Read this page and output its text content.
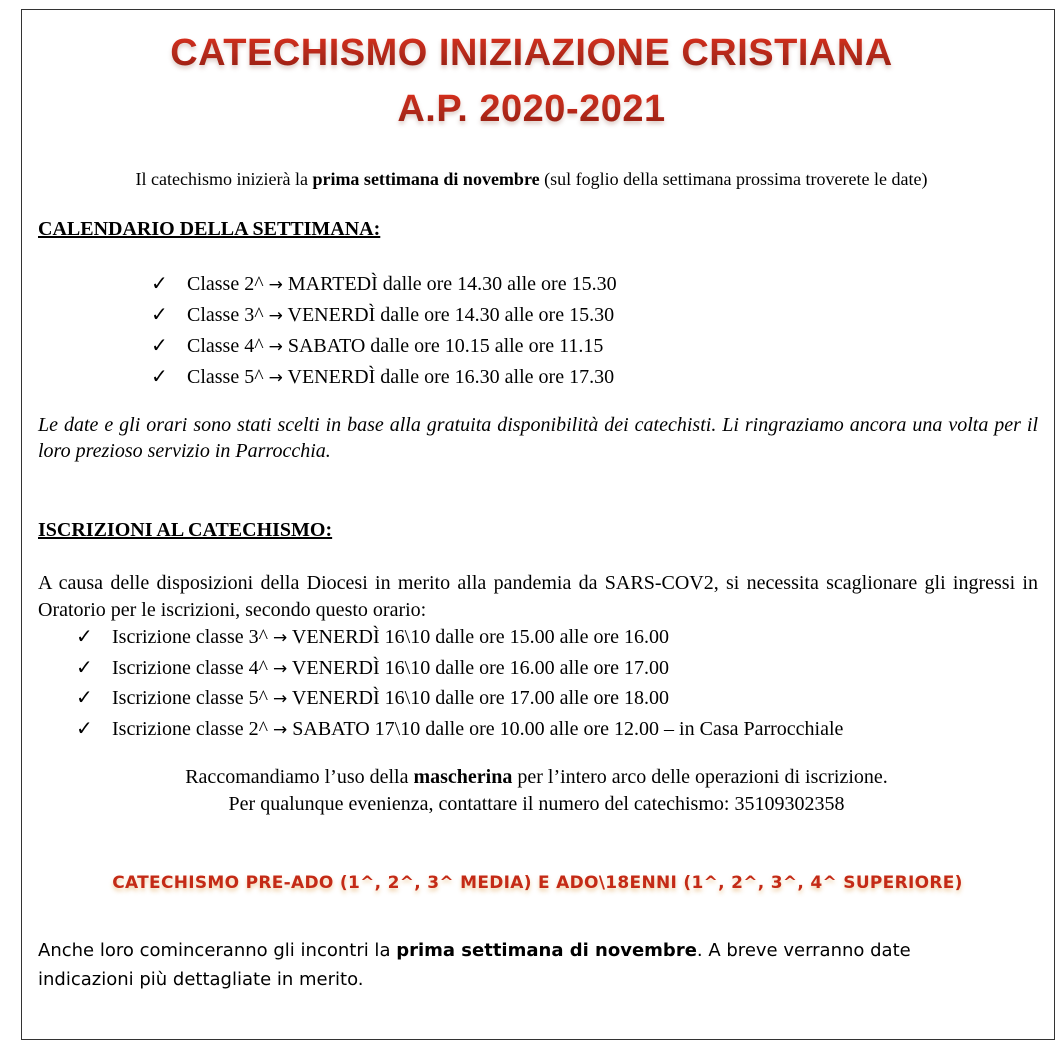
CATECHISMO INIZIAZIONE CRISTIANA
A.P. 2020-2021
Il catechismo inizierà la prima settimana di novembre (sul foglio della settimana prossima troverete le date)
CALENDARIO DELLA SETTIMANA:
✓ Classe 2^ → MARTEDÌ dalle ore 14.30 alle ore 15.30
✓ Classe 3^ → VENERDÌ dalle ore 14.30 alle ore 15.30
✓ Classe 4^ → SABATO dalle ore 10.15 alle ore 11.15
✓ Classe 5^ → VENERDÌ dalle ore 16.30 alle ore 17.30
Le date e gli orari sono stati scelti in base alla gratuita disponibilità dei catechisti. Li ringraziamo ancora una volta per il loro prezioso servizio in Parrocchia.
ISCRIZIONI AL CATECHISMO:
A causa delle disposizioni della Diocesi in merito alla pandemia da SARS-COV2, si necessita scaglionare gli ingressi in Oratorio per le iscrizioni, secondo questo orario:
✓ Iscrizione classe 3^ → VENERDÌ 16\10 dalle ore 15.00 alle ore 16.00
✓ Iscrizione classe 4^ → VENERDÌ 16\10 dalle ore 16.00 alle ore 17.00
✓ Iscrizione classe 5^ → VENERDÌ 16\10 dalle ore 17.00 alle ore 18.00
✓ Iscrizione classe 2^ → SABATO 17\10 dalle ore 10.00 alle ore 12.00 – in Casa Parrocchiale
Raccomandiamo l’uso della mascherina per l’intero arco delle operazioni di iscrizione.
Per qualunque evenienza, contattare il numero del catechismo: 35109302358
CATECHISMO PRE-ADO (1^, 2^, 3^ MEDIA) E ADO\18ENNI (1^, 2^, 3^, 4^ SUPERIORE)
Anche loro cominceranno gli incontri la prima settimana di novembre. A breve verranno date indicazioni più dettagliate in merito.
